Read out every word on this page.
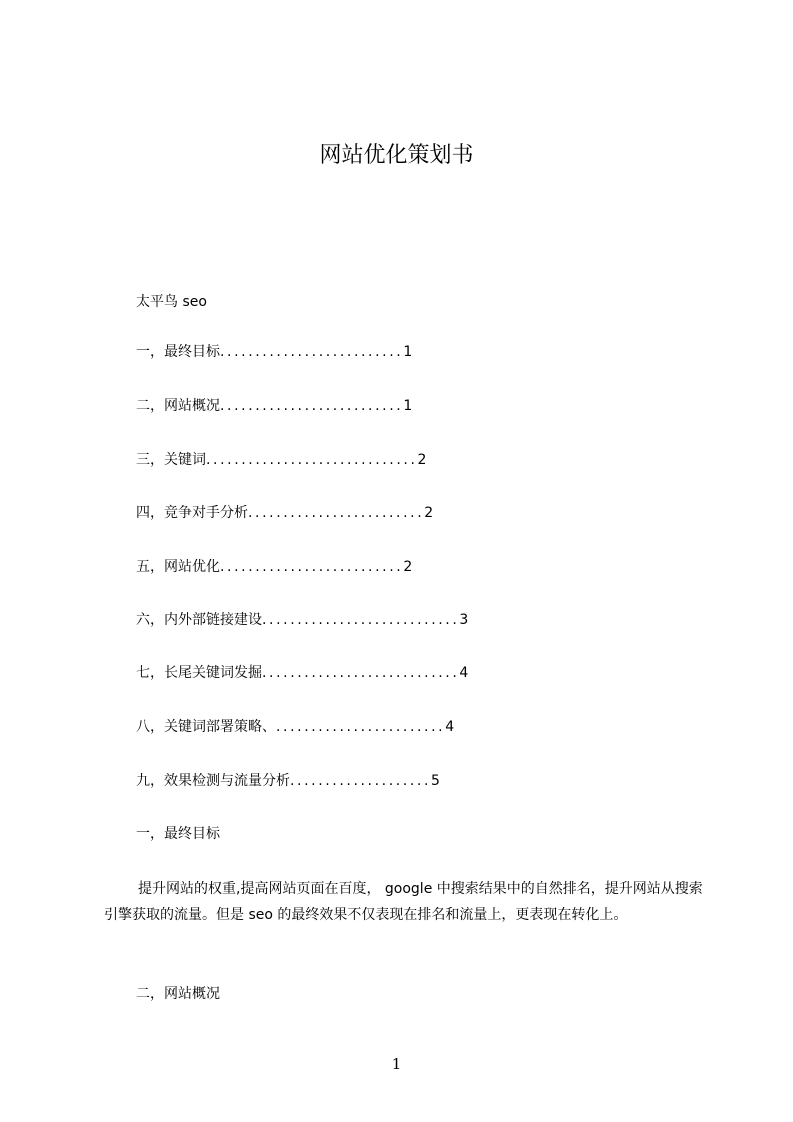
网站优化策划书
太平鸟 seo
一，最终目标..........................1
二，网站概况..........................1
三，关键词..............................2
四，竞争对手分析.........................2
五，网站优化..........................2
六，内外部链接建设............................3
七，长尾关键词发掘............................4
八，关键词部署策略、........................4
九，效果检测与流量分析....................5
一，最终目标
提升网站的权重,提高网站页面在百度， google 中搜索结果中的自然排名，提升网站从搜索引擎获取的流量。但是 seo 的最终效果不仅表现在排名和流量上，更表现在转化上。
二，网站概况
1
